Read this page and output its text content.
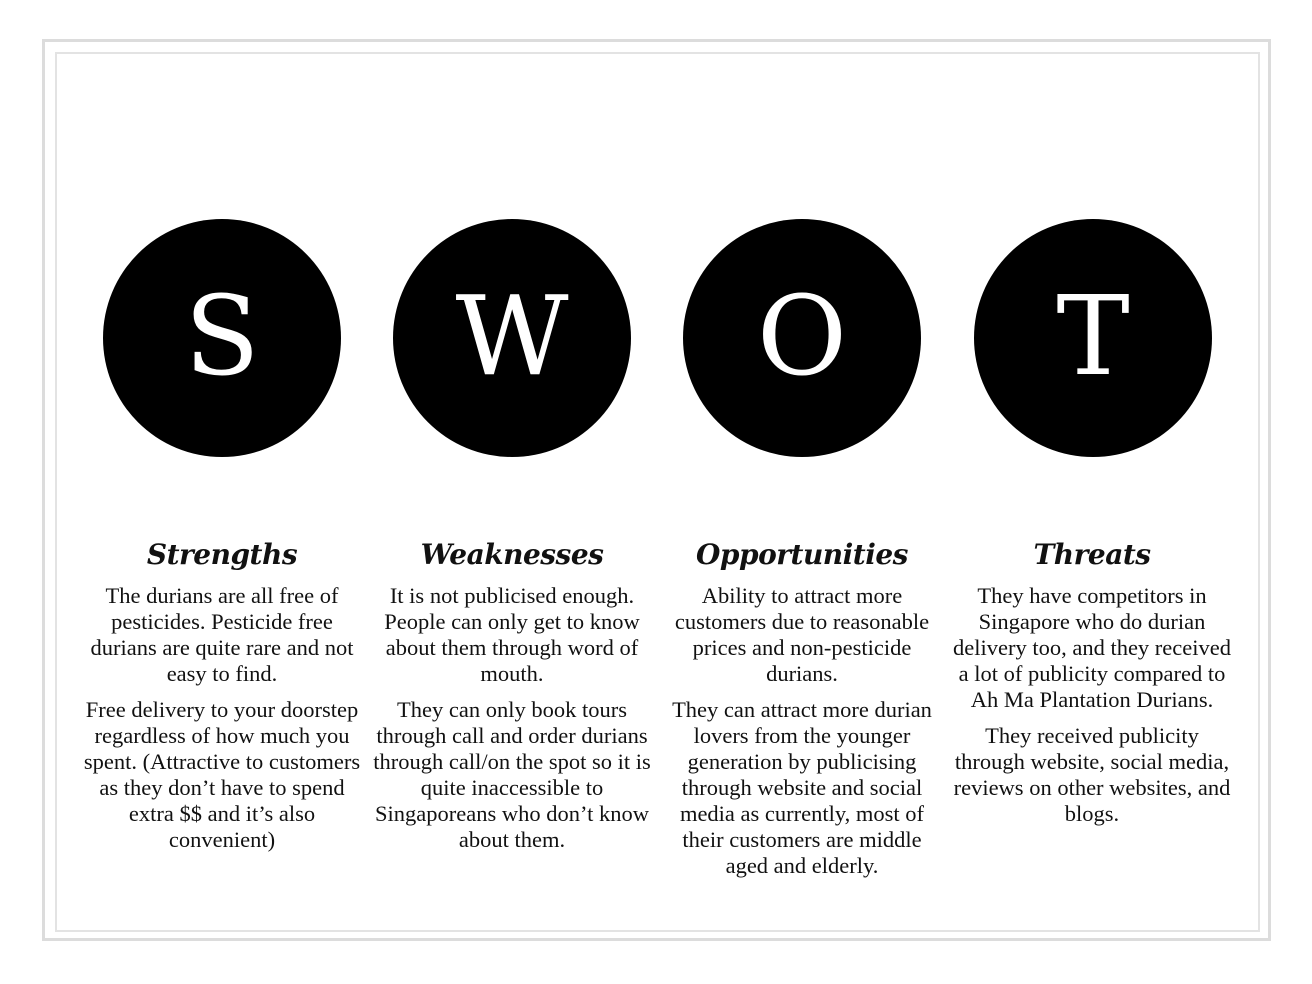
S W O T
Strengths
The durians are all free of pesticides. Pesticide free durians are quite rare and not easy to find.
Free delivery to your doorstep regardless of how much you spent. (Attractive to customers as they don’t have to spend extra $$ and it’s also convenient)
Weaknesses
It is not publicised enough. People can only get to know about them through word of mouth.
They can only book tours through call and order durians through call/on the spot so it is quite inaccessible to Singaporeans who don’t know about them.
Opportunities
Ability to attract more customers due to reasonable prices and non-pesticide durians.
They can attract more durian lovers from the younger generation by publicising through website and social media as currently, most of their customers are middle aged and elderly.
Threats
They have competitors in Singapore who do durian delivery too, and they received a lot of publicity compared to Ah Ma Plantation Durians.
They received publicity through website, social media, reviews on other websites, and blogs.
